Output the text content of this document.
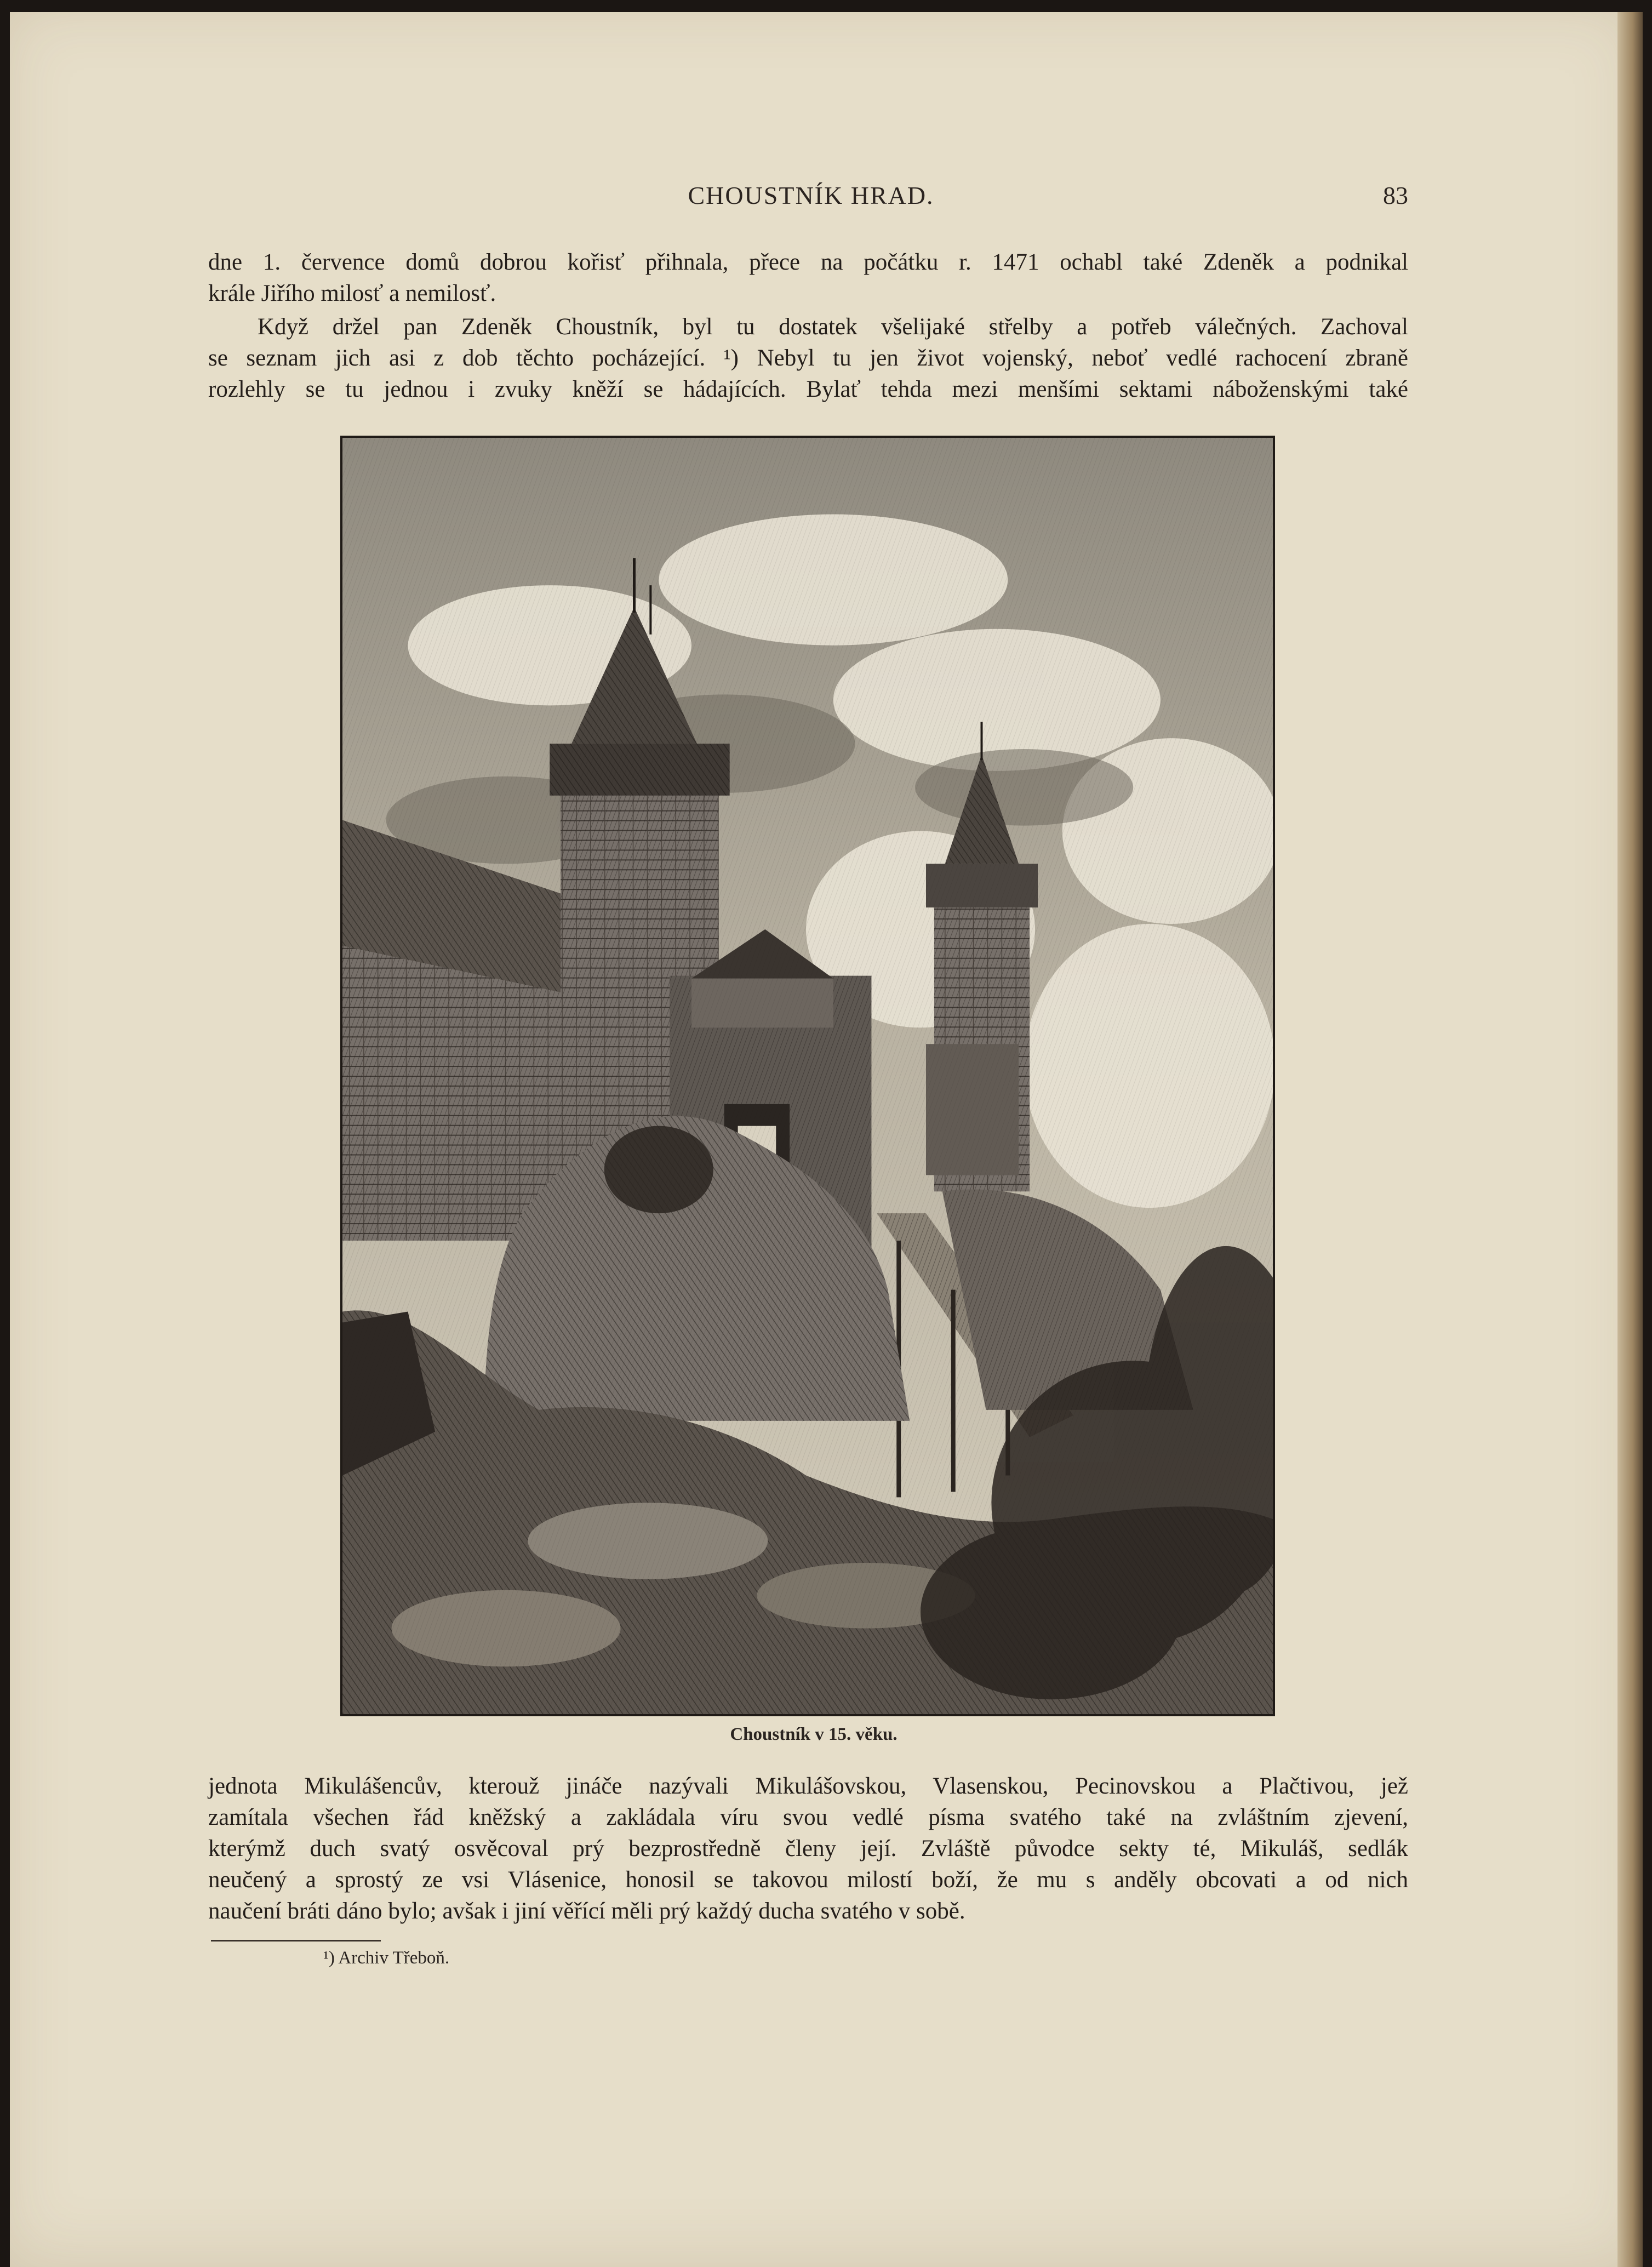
CHOUSTNÍK HRAD.	83
dne 1. července domů dobrou kořisť přihnala, přece na počátku r. 1471 ochabl také Zdeněk a podnikal
krále Jiřího milosť a nemilosť.
Když držel pan Zdeněk Choustník, byl tu dostatek všelijaké střelby a potřeb válečných. Zachoval
se seznam jich asi z dob těchto pocházející. ¹) Nebyl tu jen život vojenský, neboť vedlé rachocení zbraně
rozlehly se tu jednou i zvuky kněží se hádajících. Bylať tehda mezi menšími sektami náboženskými také
Choustník v 15. věku.
jednota Mikulášencův, kterouž jináče nazývali Mikulášovskou, Vlasenskou, Pecinovskou a Plačtivou, jež
zamítala všechen řád kněžský a zakládala víru svou vedlé písma svatého také na zvláštním zjevení,
kterýmž duch svatý osvěcoval prý bezprostředně členy její. Zvláště původce sekty té, Mikuláš, sedlák
neučený a sprostý ze vsi Vlásenice, honosil se takovou milostí boží, že mu s anděly obcovati a od nich
naučení bráti dáno bylo; avšak i jiní věřící měli prý každý ducha svatého v sobě.
¹) Archiv Třeboň.
